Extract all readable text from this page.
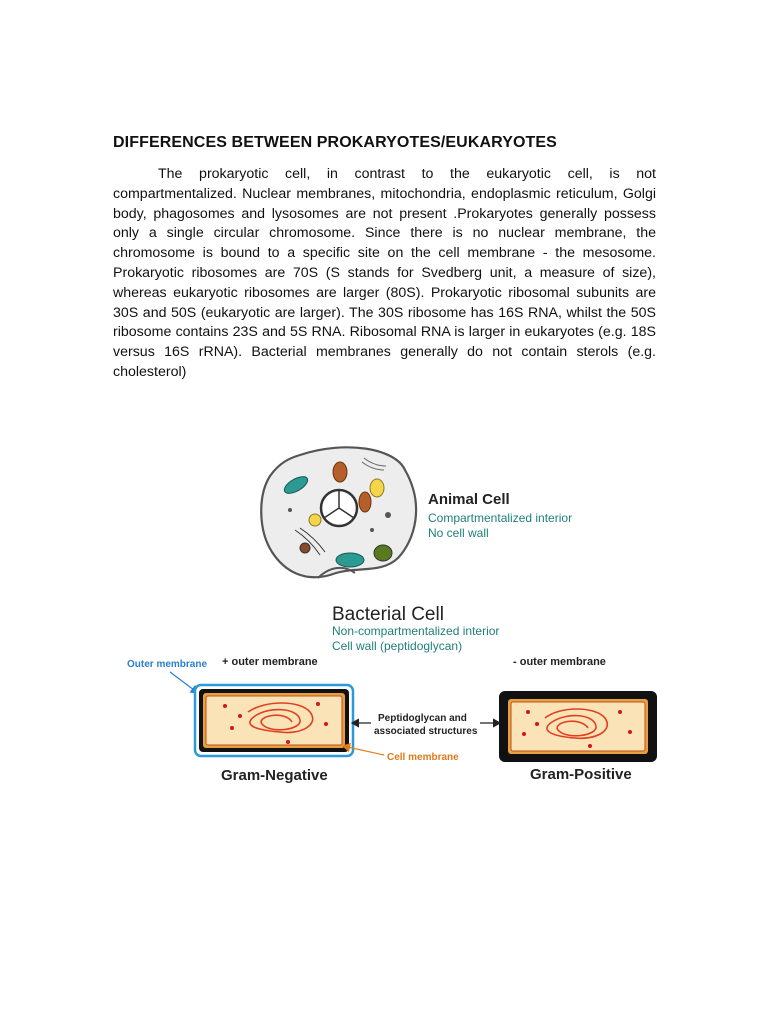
DIFFERENCES BETWEEN PROKARYOTES/EUKARYOTES

The prokaryotic cell, in contrast to the eukaryotic cell, is not compartmentalized. Nuclear membranes, mitochondria, endoplasmic reticulum, Golgi body, phagosomes and lysosomes are not present .Prokaryotes generally possess only a single circular chromosome. Since there is no nuclear membrane, the chromosome is bound to a specific site on the cell membrane - the mesosome. Prokaryotic ribosomes are 70S (S stands for Svedberg unit, a measure of size), whereas eukaryotic ribosomes are larger (80S). Prokaryotic ribosomal subunits are 30S and 50S (eukaryotic are larger). The 30S ribosome has 16S RNA, whilst the 50S ribosome contains 23S and 5S RNA. Ribosomal RNA is larger in eukaryotes (e.g. 18S versus 16S rRNA). Bacterial membranes generally do not contain sterols (e.g. cholesterol)

Animal Cell
Compartmentalized interior
No cell wall
Bacterial Cell
Non-compartmentalized interior
Cell wall (peptidoglycan)
Outer membrane + outer membrane	- outer membrane
Peptidoglycan and
associated structures
Cell membrane
Gram-Negative	Gram-Positive
